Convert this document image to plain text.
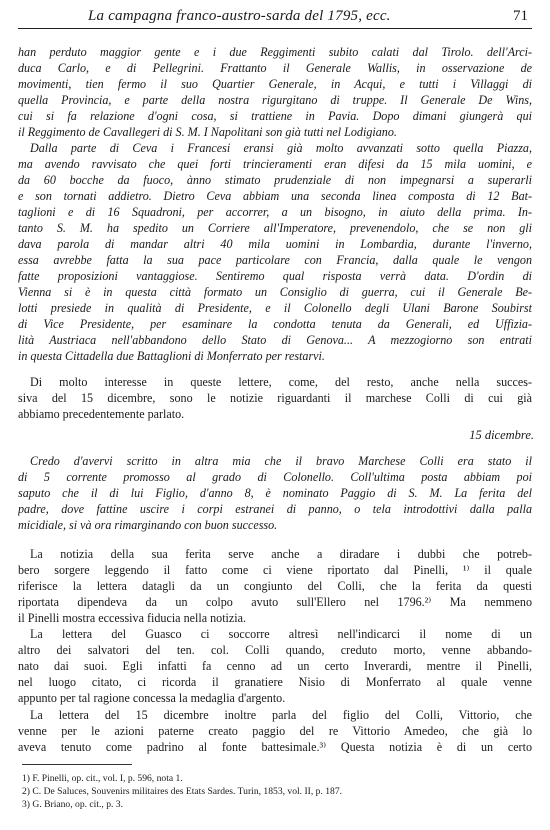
La campagna franco-austro-sarda del 1795, ecc.	71
han perduto maggior gente e i due Reggimenti subito calati dal Tirolo. dell'Arci-
duca Carlo, e di Pellegrini. Frattanto il Generale Wallis, in osservazione de
movimenti, tien fermo il suo Quartier Generale, in Acqui, e tutti i Villaggi di
quella Provincia, e parte della nostra rigurgitano di truppe. Il Generale De Wins,
cui si fa relazione d'ogni cosa, si trattiene in Pavia. Dopo dimani giungerà qui
il Reggimento de Cavallegeri di S. M. I Napolitani son già tutti nel Lodigiano.
Dalla parte di Ceva i Francesi eransi già molto avvanzati sotto quella Piazza,
ma avendo ravvisato che quei forti trincieramenti eran difesi da 15 mila uomini, e
da 60 bocche da fuoco, ànno stimato prudenziale di non impegnarsi a superarli
e son tornati addietro. Dietro Ceva abbiam una seconda linea composta di 12 Bat-
taglioni e di 16 Squadroni, per accorrer, a un bisogno, in aiuto della prima. In-
tanto S. M. ha spedito un Corriere all'Imperatore, prevenendolo, che se non gli
dava parola di mandar altri 40 mila uomini in Lombardia, durante l'inverno,
essa avrebbe fatta la sua pace particolare con Francia, dalla quale le vengon
fatte proposizioni vantaggiose. Sentiremo qual risposta verrà data. D'ordin di
Vienna si è in questa città formato un Consiglio di guerra, cui il Generale Be-
lotti presiede in qualità di Presidente, e il Colonello degli Ulani Barone Soubirst
di Vice Presidente, per esaminare la condotta tenuta da Generali, ed Uffizia-
lità Austriaca nell'abbandono dello Stato di Genova... A mezzogiorno son entrati
in questa Cittadella due Battaglioni di Monferrato per restarvi.
Di molto interesse in queste lettere, come, del resto, anche nella succes-
siva del 15 dicembre, sono le notizie riguardanti il marchese Colli di cui già
abbiamo precedentemente parlato.
15 dicembre.
Credo d'avervi scritto in altra mia che il bravo Marchese Colli era stato il
di 5 corrente promosso al grado di Colonello. Coll'ultima posta abbiam poi
saputo che il di lui Figlio, d'anno 8, è nominato Paggio di S. M. La ferita del
padre, dove fattine uscire i corpi estranei di panno, o tela introdottivi dalla palla
micidiale, si và ora rimarginando con buon successo.
La notizia della sua ferita serve anche a diradare i dubbi che potreb-
bero sorgere leggendo il fatto come ci viene riportato dal Pinelli, ¹⁾ il quale
riferisce la lettera datagli da un congiunto del Colli, che la ferita da questi
riportata dipendeva da un colpo avuto sull'Ellero nel 1796.²⁾ Ma nemmeno
il Pinelli mostra eccessiva fiducia nella notizia.
La lettera del Guasco ci soccorre altresì nell'indicarci il nome di un
altro dei salvatori del ten. col. Colli quando, creduto morto, venne abbando-
nato dai suoi. Egli infatti fa cenno ad un certo Inverardi, mentre il Pinelli,
nel luogo citato, ci ricorda il granatiere Nisio di Monferrato al quale venne
appunto per tal ragione concessa la medaglia d'argento.
La lettera del 15 dicembre inoltre parla del figlio del Colli, Vittorio, che
venne per le azioni paterne creato paggio del re Vittorio Amedeo, che già lo
aveva tenuto come padrino al fonte battesimale.³⁾ Questa notizia è di un certo
1) F. Pinelli, op. cit., vol. I, p. 596, nota 1.
2) C. De Saluces, Souvenirs militaires des Etats Sardes. Turin, 1853, vol. II, p. 187.
3) G. Briano, op. cit., p. 3.
